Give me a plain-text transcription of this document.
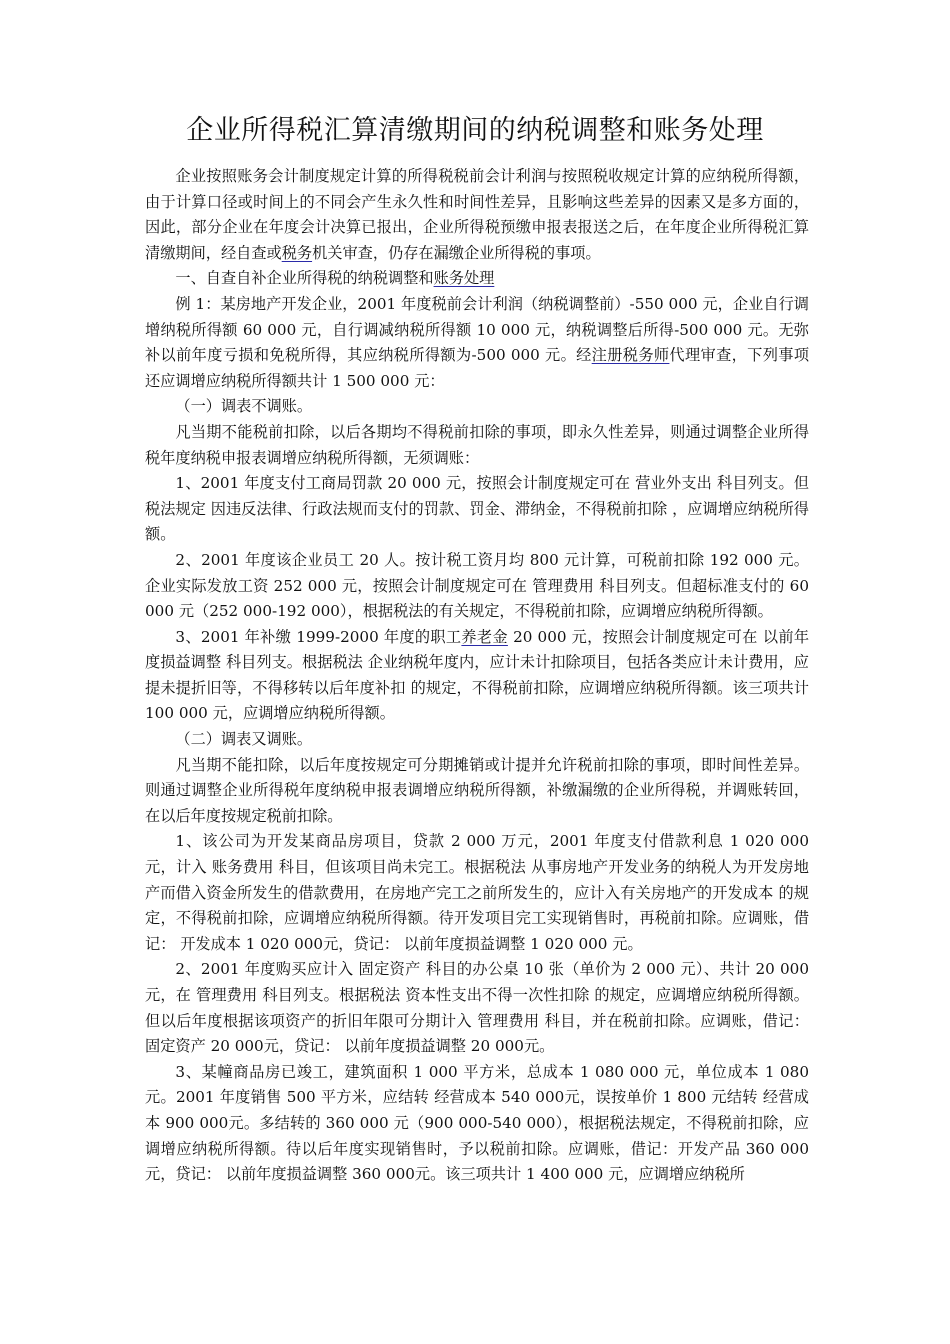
企业所得税汇算清缴期间的纳税调整和账务处理

企业按照账务会计制度规定计算的所得税税前会计利润与按照税收规定计算的应纳税所得额，由于计算口径或时间上的不同会产生永久性和时间性差异，且影响这些差异的因素又是多方面的，因此，部分企业在年度会计决算已报出，企业所得税预缴申报表报送之后，在年度企业所得税汇算清缴期间，经自查或税务机关审查，仍存在漏缴企业所得税的事项。

一、自查自补企业所得税的纳税调整和账务处理

例 1：某房地产开发企业，2001 年度税前会计利润（纳税调整前）-550 000 元，企业自行调增纳税所得额 60 000 元，自行调减纳税所得额 10 000 元，纳税调整后所得-500 000 元。无弥补以前年度亏损和免税所得，其应纳税所得额为-500 000 元。经注册税务师代理审查，下列事项还应调增应纳税所得额共计 1 500 000 元：

（一）调表不调账。

凡当期不能税前扣除，以后各期均不得税前扣除的事项，即永久性差异，则通过调整企业所得税年度纳税申报表调增应纳税所得额，无须调账：

1、2001 年度支付工商局罚款 20 000 元，按照会计制度规定可在 营业外支出 科目列支。但税法规定 因违反法律、行政法规而支付的罚款、罚金、滞纳金，不得税前扣除 ，应调增应纳税所得额。

2、2001 年度该企业员工 20 人。按计税工资月均 800 元计算，可税前扣除 192 000 元。企业实际发放工资 252 000 元，按照会计制度规定可在 管理费用 科目列支。但超标准支付的 60 000 元（252 000-192 000），根据税法的有关规定，不得税前扣除，应调增应纳税所得额。

3、2001 年补缴 1999-2000 年度的职工养老金 20 000 元，按照会计制度规定可在 以前年度损益调整 科目列支。根据税法 企业纳税年度内，应计未计扣除项目，包括各类应计未计费用，应提未提折旧等，不得移转以后年度补扣 的规定，不得税前扣除，应调增应纳税所得额。该三项共计 100 000 元，应调增应纳税所得额。

（二）调表又调账。

凡当期不能扣除，以后年度按规定可分期摊销或计提并允许税前扣除的事项，即时间性差异。则通过调整企业所得税年度纳税申报表调增应纳税所得额，补缴漏缴的企业所得税，并调账转回，在以后年度按规定税前扣除。

1、该公司为开发某商品房项目，贷款 2 000 万元，2001 年度支付借款利息 1 020 000 元，计入 账务费用 科目，但该项目尚未完工。根据税法 从事房地产开发业务的纳税人为开发房地产而借入资金所发生的借款费用，在房地产完工之前所发生的，应计入有关房地产的开发成本 的规定，不得税前扣除，应调增应纳税所得额。待开发项目完工实现销售时，再税前扣除。应调账，借记： 开发成本 1 020 000元，贷记： 以前年度损益调整 1 020 000 元。

2、2001 年度购买应计入 固定资产 科目的办公桌 10 张（单价为 2 000 元）、共计 20 000 元，在 管理费用 科目列支。根据税法 资本性支出不得一次性扣除 的规定，应调增应纳税所得额。但以后年度根据该项资产的折旧年限可分期计入 管理费用 科目，并在税前扣除。应调账，借记： 固定资产 20 000元，贷记： 以前年度损益调整 20 000元。

3、某幢商品房已竣工，建筑面积 1 000 平方米，总成本 1 080 000 元，单位成本 1 080 元。2001 年度销售 500 平方米，应结转 经营成本 540 000元，误按单价 1 800 元结转 经营成本 900 000元。多结转的 360 000 元（900 000-540 000），根据税法规定，不得税前扣除，应调增应纳税所得额。待以后年度实现销售时，予以税前扣除。应调账，借记：开发产品 360 000 元，贷记： 以前年度损益调整 360 000元。该三项共计 1 400 000 元，应调增应纳税所
